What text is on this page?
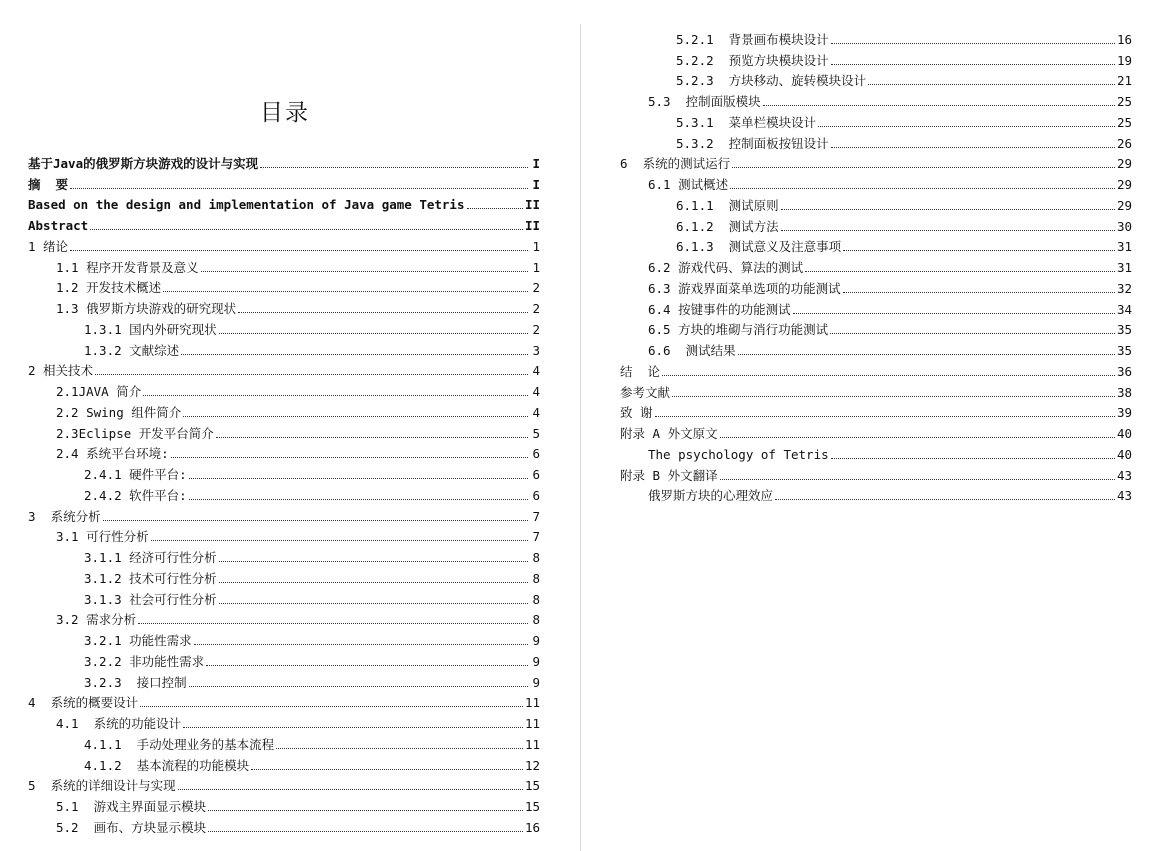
目录
基于Java的俄罗斯方块游戏的设计与实现	I
摘  要	I
Based on the design and implementation of Java game Tetris	II
Abstract	II
1 绪论	1
1.1 程序开发背景及意义	1
1.2 开发技术概述	2
1.3 俄罗斯方块游戏的研究现状	2
1.3.1 国内外研究现状	2
1.3.2 文献综述	3
2 相关技术	4
2.1JAVA 简介	4
2.2 Swing 组件简介	4
2.3Eclipse 开发平台简介	5
2.4 系统平台环境:	6
2.4.1 硬件平台:	6
2.4.2 软件平台:	6
3  系统分析	7
3.1 可行性分析	7
3.1.1 经济可行性分析	8
3.1.2 技术可行性分析	8
3.1.3 社会可行性分析	8
3.2 需求分析	8
3.2.1 功能性需求	9
3.2.2 非功能性需求	9
3.2.3  接口控制	9
4  系统的概要设计	11
4.1  系统的功能设计	11
4.1.1  手动处理业务的基本流程	11
4.1.2  基本流程的功能模块	12
5  系统的详细设计与实现	15
5.1  游戏主界面显示模块	15
5.2  画布、方块显示模块	16
5.2.1  背景画布模块设计	16
5.2.2  预览方块模块设计	19
5.2.3  方块移动、旋转模块设计	21
5.3  控制面版模块	25
5.3.1  菜单栏模块设计	25
5.3.2  控制面板按钮设计	26
6  系统的测试运行	29
6.1 测试概述	29
6.1.1  测试原则	29
6.1.2  测试方法	30
6.1.3  测试意义及注意事项	31
6.2 游戏代码、算法的测试	31
6.3 游戏界面菜单选项的功能测试	32
6.4 按键事件的功能测试	34
6.5 方块的堆砌与消行功能测试	35
6.6  测试结果	35
结  论	36
参考文献	38
致 谢	39
附录 A 外文原文	40
The psychology of Tetris	40
附录 B 外文翻译	43
俄罗斯方块的心理效应	43
